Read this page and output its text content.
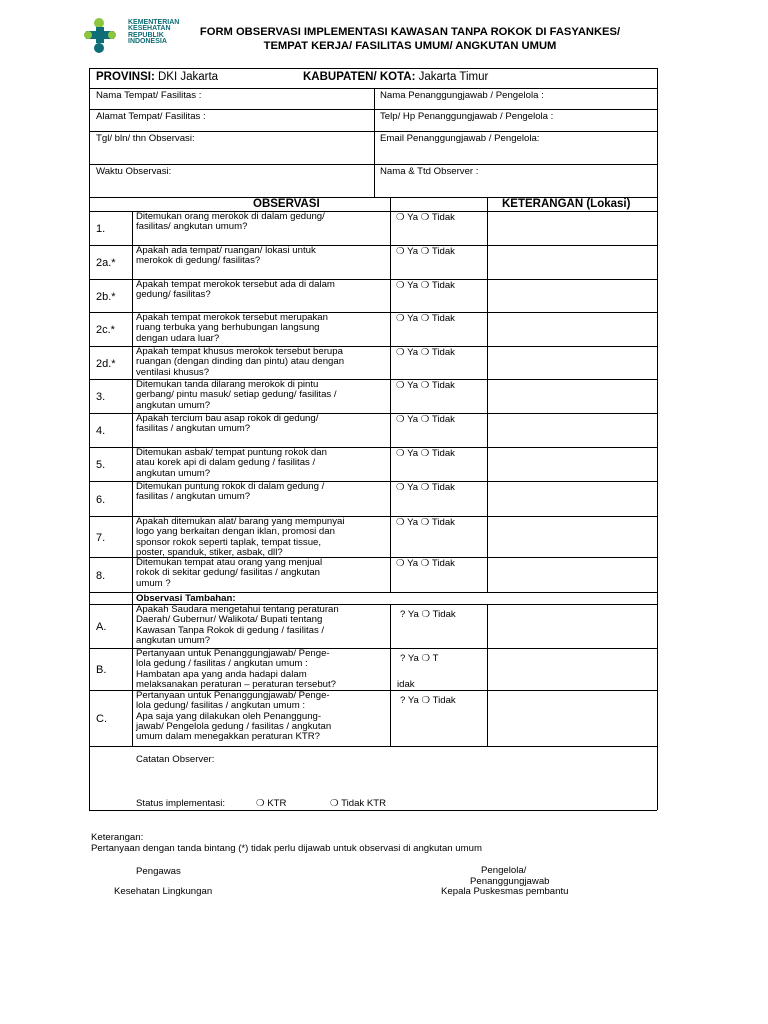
KEMENTERIAN
KESEHATAN
REPUBLIK
INDONESIA
FORM OBSERVASI IMPLEMENTASI KAWASAN TANPA ROKOK DI FASYANKES/
TEMPAT KERJA/ FASILITAS UMUM/ ANGKUTAN UMUM
PROVINSI: DKI Jakarta	KABUPATEN/ KOTA: Jakarta Timur
Nama Tempat/ Fasilitas :	Nama Penanggungjawab / Pengelola :
Alamat Tempat/ Fasilitas :	Telp/ Hp Penanggungjawab / Pengelola :
Tgl/ bln/ thn Observasi:	Email Penanggungjawab / Pengelola:
Waktu Observasi:	Nama & Ttd Observer :
OBSERVASI	KETERANGAN (Lokasi)
1.
Ditemukan orang merokok di dalam gedung/
fasilitas/ angkutan umum?
❍ Ya ❍ Tidak
2a.*
Apakah ada tempat/ ruangan/ lokasi untuk
merokok di gedung/ fasilitas?
❍ Ya ❍ Tidak
2b.*
Apakah tempat merokok tersebut ada di dalam
gedung/ fasilitas?
❍ Ya ❍ Tidak
2c.*
Apakah tempat merokok tersebut merupakan
ruang terbuka yang berhubungan langsung
dengan udara luar?
❍ Ya ❍ Tidak
2d.*
Apakah tempat khusus merokok tersebut berupa
ruangan (dengan dinding dan pintu) atau dengan
ventilasi khusus?
❍ Ya ❍ Tidak
3.
Ditemukan tanda dilarang merokok di pintu
gerbang/ pintu masuk/ setiap gedung/ fasilitas /
angkutan umum?
❍ Ya ❍ Tidak
4.
Apakah tercium bau asap rokok di gedung/
fasilitas / angkutan umum?
❍ Ya ❍ Tidak
5.
Ditemukan asbak/ tempat puntung rokok dan
atau korek api di dalam gedung / fasilitas /
angkutan umum?
❍ Ya ❍ Tidak
6.
Ditemukan puntung rokok di dalam gedung /
fasilitas / angkutan umum?
❍ Ya ❍ Tidak
7.
Apakah ditemukan alat/ barang yang mempunyai
logo yang berkaitan dengan iklan, promosi dan
sponsor rokok seperti taplak, tempat tissue,
poster, spanduk, stiker, asbak, dll?
❍ Ya ❍ Tidak
8.
Ditemukan tempat atau orang yang menjual
rokok di sekitar gedung/ fasilitas / angkutan
umum ?
❍ Ya ❍ Tidak
Observasi Tambahan:
A.
Apakah Saudara mengetahui tentang peraturan
Daerah/ Gubernur/ Walikota/ Bupati tentang
Kawasan Tanpa Rokok di gedung / fasilitas /
angkutan umum?
? Ya ❍ Tidak
B.
Pertanyaan untuk Penanggungjawab/ Penge-
lola gedung / fasilitas / angkutan umum :
Hambatan apa yang anda hadapi dalam
melaksanakan peraturan – peraturan tersebut?
? Ya ❍ T
idak
C.
Pertanyaan untuk Penanggungjawab/ Penge-
lola gedung/ fasilitas / angkutan umum :
Apa saja yang dilakukan oleh Penanggung-
jawab/ Pengelola gedung / fasilitas / angkutan
umum dalam menegakkan peraturan KTR?
? Ya ❍ Tidak
Catatan Observer:
Status implementasi:	❍ KTR	❍ Tidak KTR
Keterangan:
Pertanyaan dengan tanda bintang (*) tidak perlu dijawab untuk observasi di angkutan umum
Pengawas
Kesehatan Lingkungan
Pengelola/
Penanggungjawab
Kepala Puskesmas pembantu
